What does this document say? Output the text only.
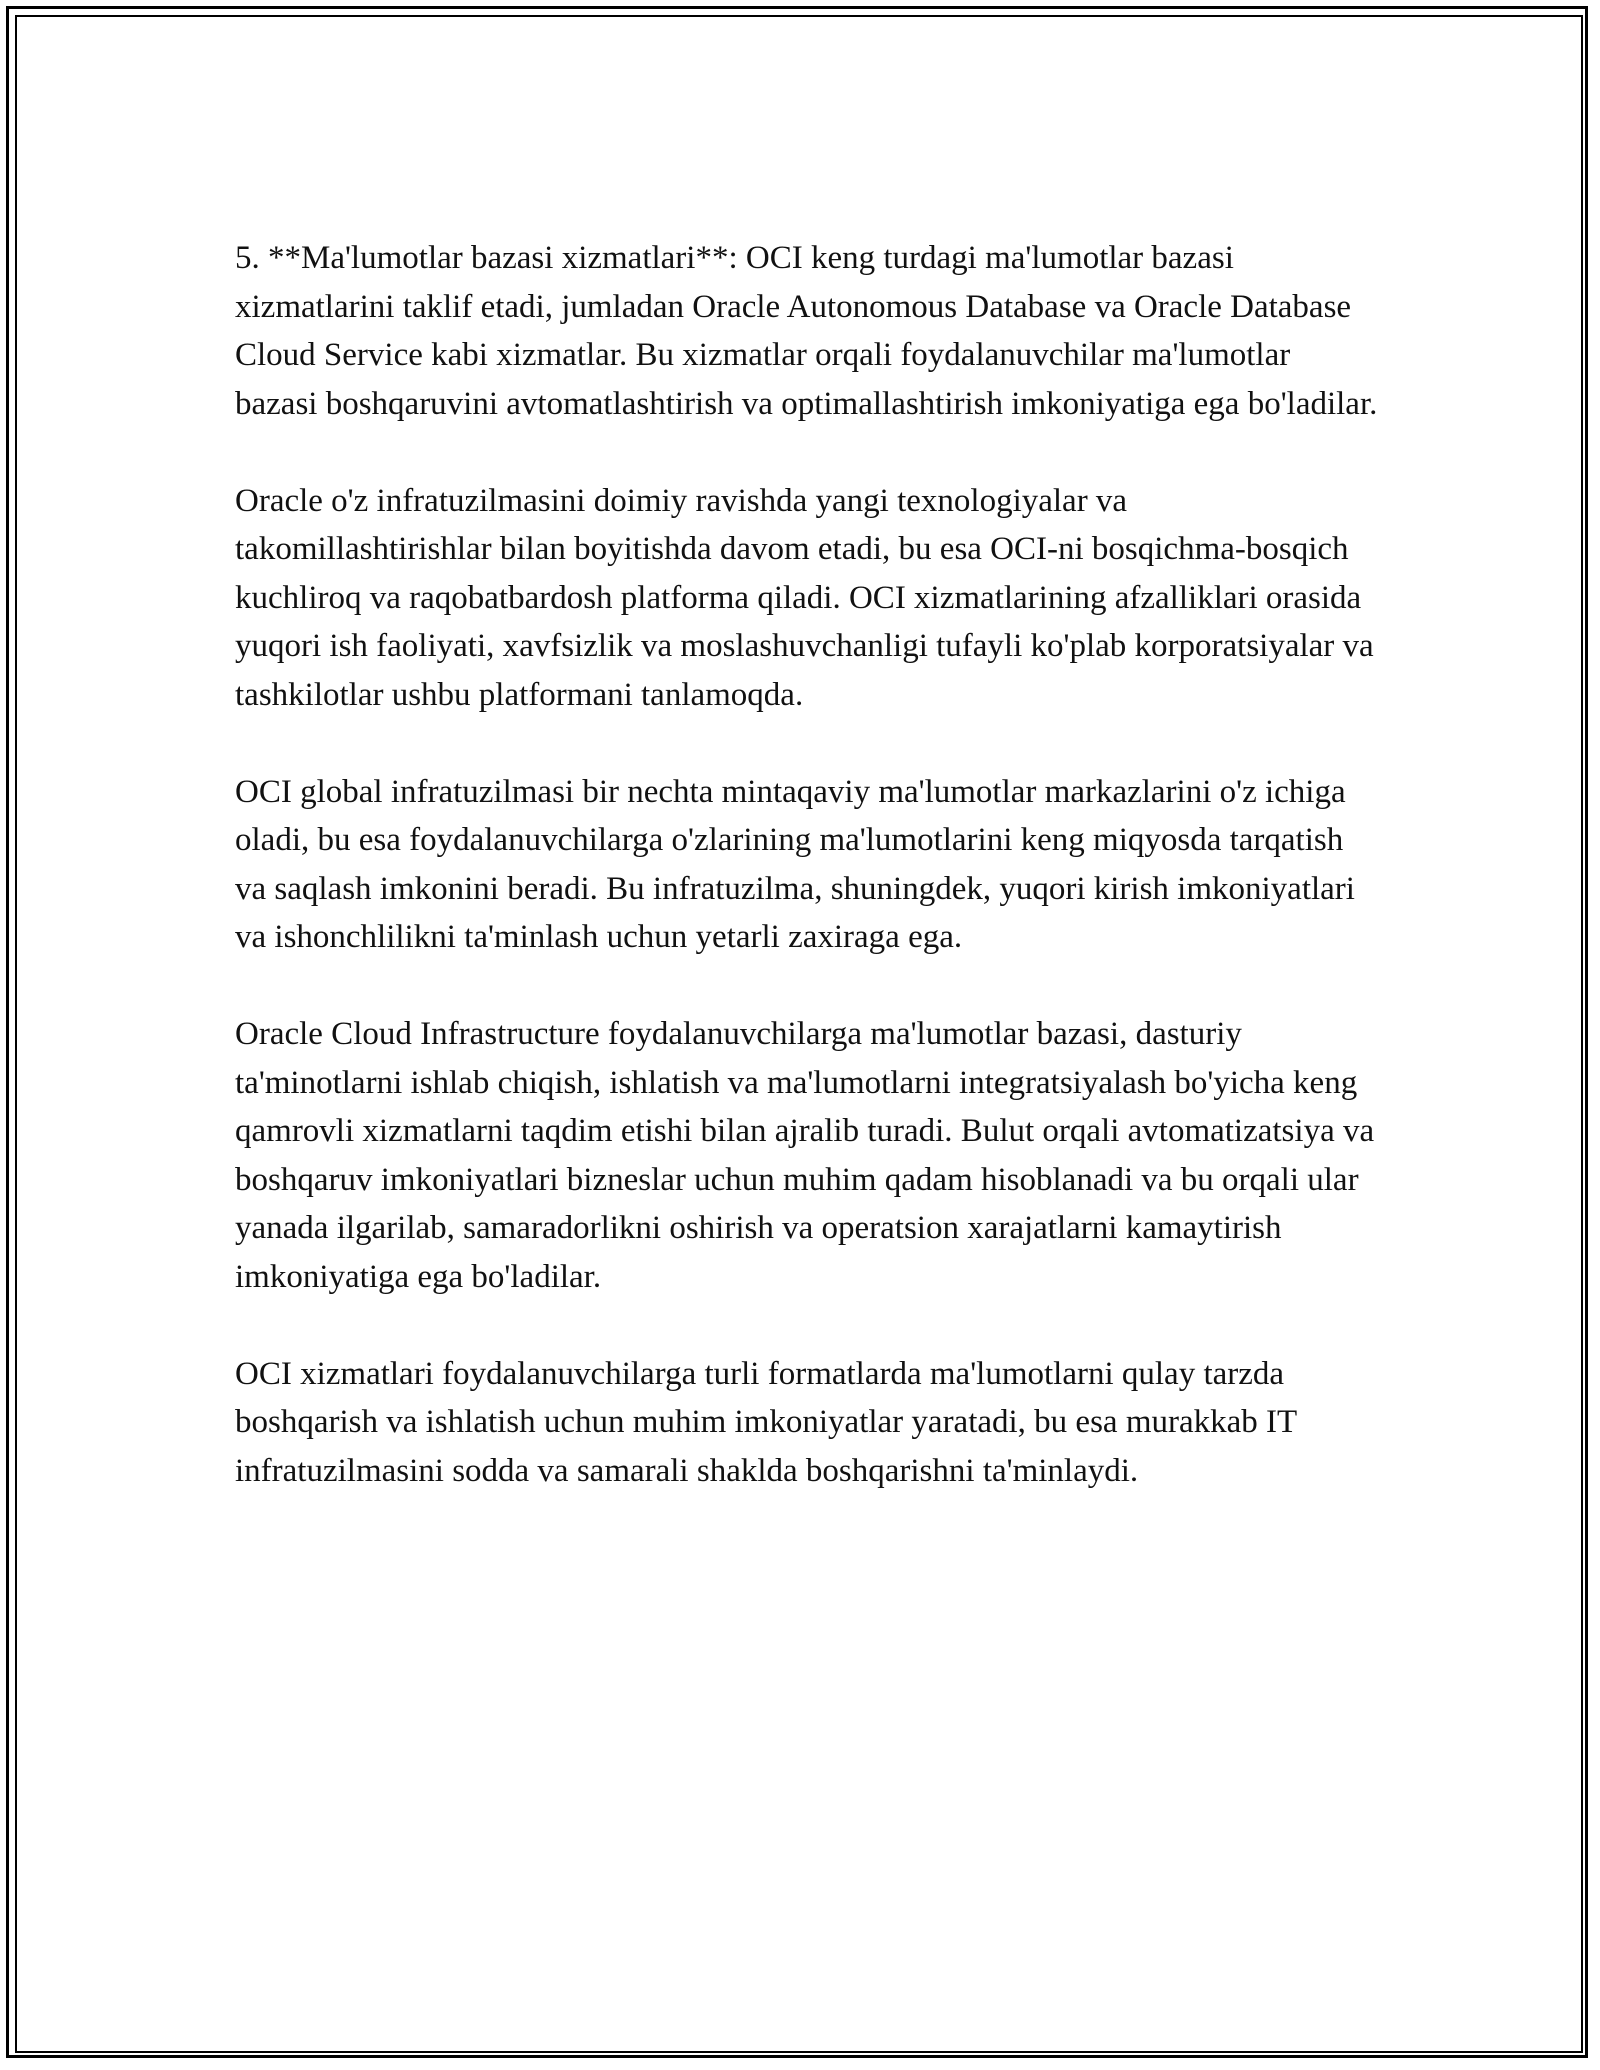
5. **Ma'lumotlar bazasi xizmatlari**: OCI keng turdagi ma'lumotlar bazasi xizmatlarini taklif etadi, jumladan Oracle Autonomous Database va Oracle Database Cloud Service kabi xizmatlar. Bu xizmatlar orqali foydalanuvchilar ma'lumotlar bazasi boshqaruvini avtomatlashtirish va optimallashtirish imkoniyatiga ega bo'ladilar.

Oracle o'z infratuzilmasini doimiy ravishda yangi texnologiyalar va takomillashtirishlar bilan boyitishda davom etadi, bu esa OCI-ni bosqichma-bosqich kuchliroq va raqobatbardosh platforma qiladi. OCI xizmatlarining afzalliklari orasida yuqori ish faoliyati, xavfsizlik va moslashuvchanligi tufayli ko'plab korporatsiyalar va tashkilotlar ushbu platformani tanlamoqda.

OCI global infratuzilmasi bir nechta mintaqaviy ma'lumotlar markazlarini o'z ichiga oladi, bu esa foydalanuvchilarga o'zlarining ma'lumotlarini keng miqyosda tarqatish va saqlash imkonini beradi. Bu infratuzilma, shuningdek, yuqori kirish imkoniyatlari va ishonchlilikni ta'minlash uchun yetarli zaxiraga ega.

Oracle Cloud Infrastructure foydalanuvchilarga ma'lumotlar bazasi, dasturiy ta'minotlarni ishlab chiqish, ishlatish va ma'lumotlarni integratsiyalash bo'yicha keng qamrovli xizmatlarni taqdim etishi bilan ajralib turadi. Bulut orqali avtomatizatsiya va boshqaruv imkoniyatlari bizneslar uchun muhim qadam hisoblanadi va bu orqali ular yanada ilgarilab, samaradorlikni oshirish va operatsion xarajatlarni kamaytirish imkoniyatiga ega bo'ladilar.

OCI xizmatlari foydalanuvchilarga turli formatlarda ma'lumotlarni qulay tarzda boshqarish va ishlatish uchun muhim imkoniyatlar yaratadi, bu esa murakkab IT infratuzilmasini sodda va samarali shaklda boshqarishni ta'minlaydi.
